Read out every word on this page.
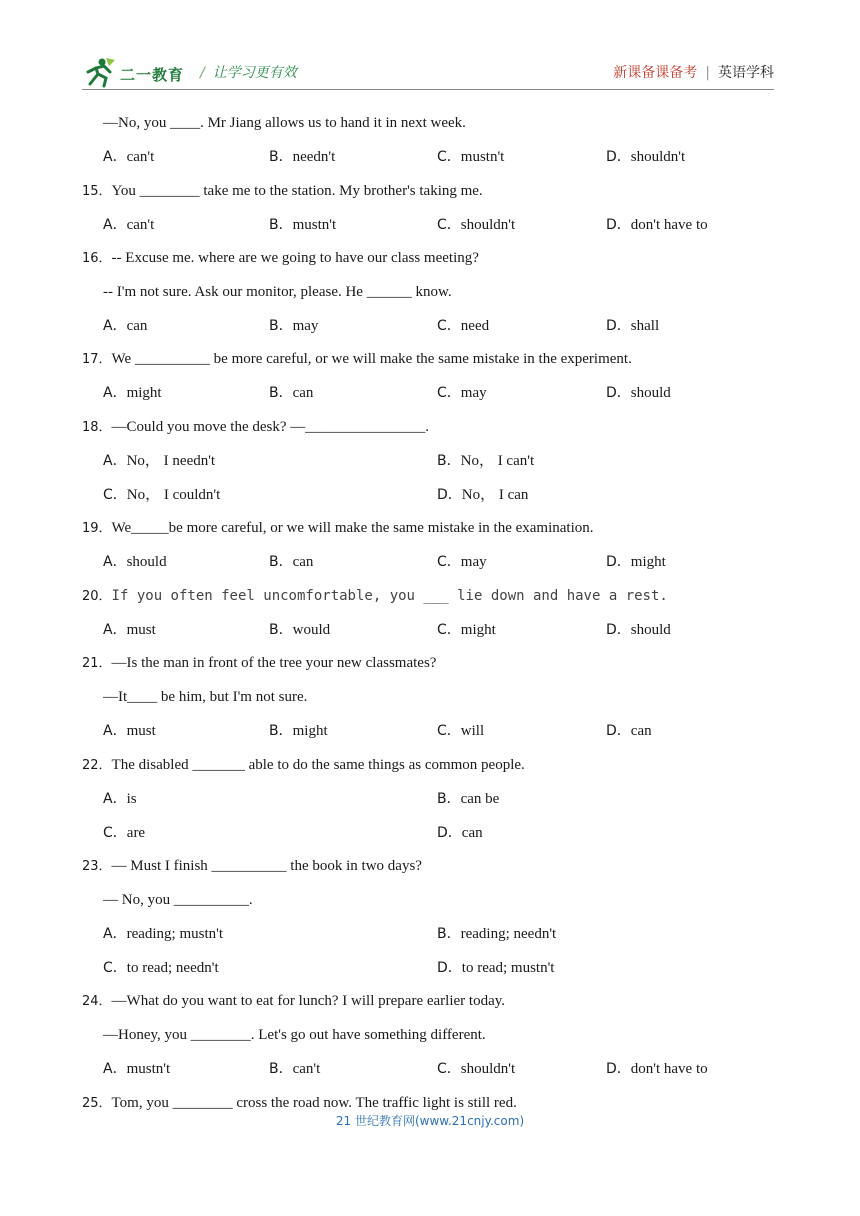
二一教育 / 让学习更有效	新课备课备考 | 英语学科
—No, you ____. Mr Jiang allows us to hand it in next week.
A．can't	B．needn't	C．mustn't	D．shouldn't
15．You ________ take me to the station. My brother's taking me.
A．can't	B．mustn't	C．shouldn't	D．don't have to
16．-- Excuse me. where are we going to have our class meeting?
-- I'm not sure. Ask our monitor, please. He ______ know.
A．can	B．may	C．need	D．shall
17．We __________ be more careful, or we will make the same mistake in the experiment.
A．might	B．can	C．may	D．should
18．—Could you move the desk? —________________.
A．No， I needn't	B．No， I can't
C．No， I couldn't	D．No， I can
19．We_____be more careful, or we will make the same mistake in the examination.
A．should	B．can	C．may	D．might
20．If you often feel uncomfortable, you ___ lie down and have a rest.
A．must	B．would	C．might	D．should
21．—Is the man in front of the tree your new classmates?
—It____ be him, but I'm not sure.
A．must	B．might	C．will	D．can
22．The disabled _______ able to do the same things as common people.
A．is	B．can be
C．are	D．can
23．— Must I finish __________ the book in two days?
— No, you __________.
A．reading; mustn't	B．reading; needn't
C．to read; needn't	D．to read; mustn't
24．—What do you want to eat for lunch? I will prepare earlier today.
—Honey, you ________. Let's go out have something different.
A．mustn't	B．can't	C．shouldn't	D．don't have to
25．Tom, you ________ cross the road now. The traffic light is still red.
21 世纪教育网(www.21cnjy.com)
